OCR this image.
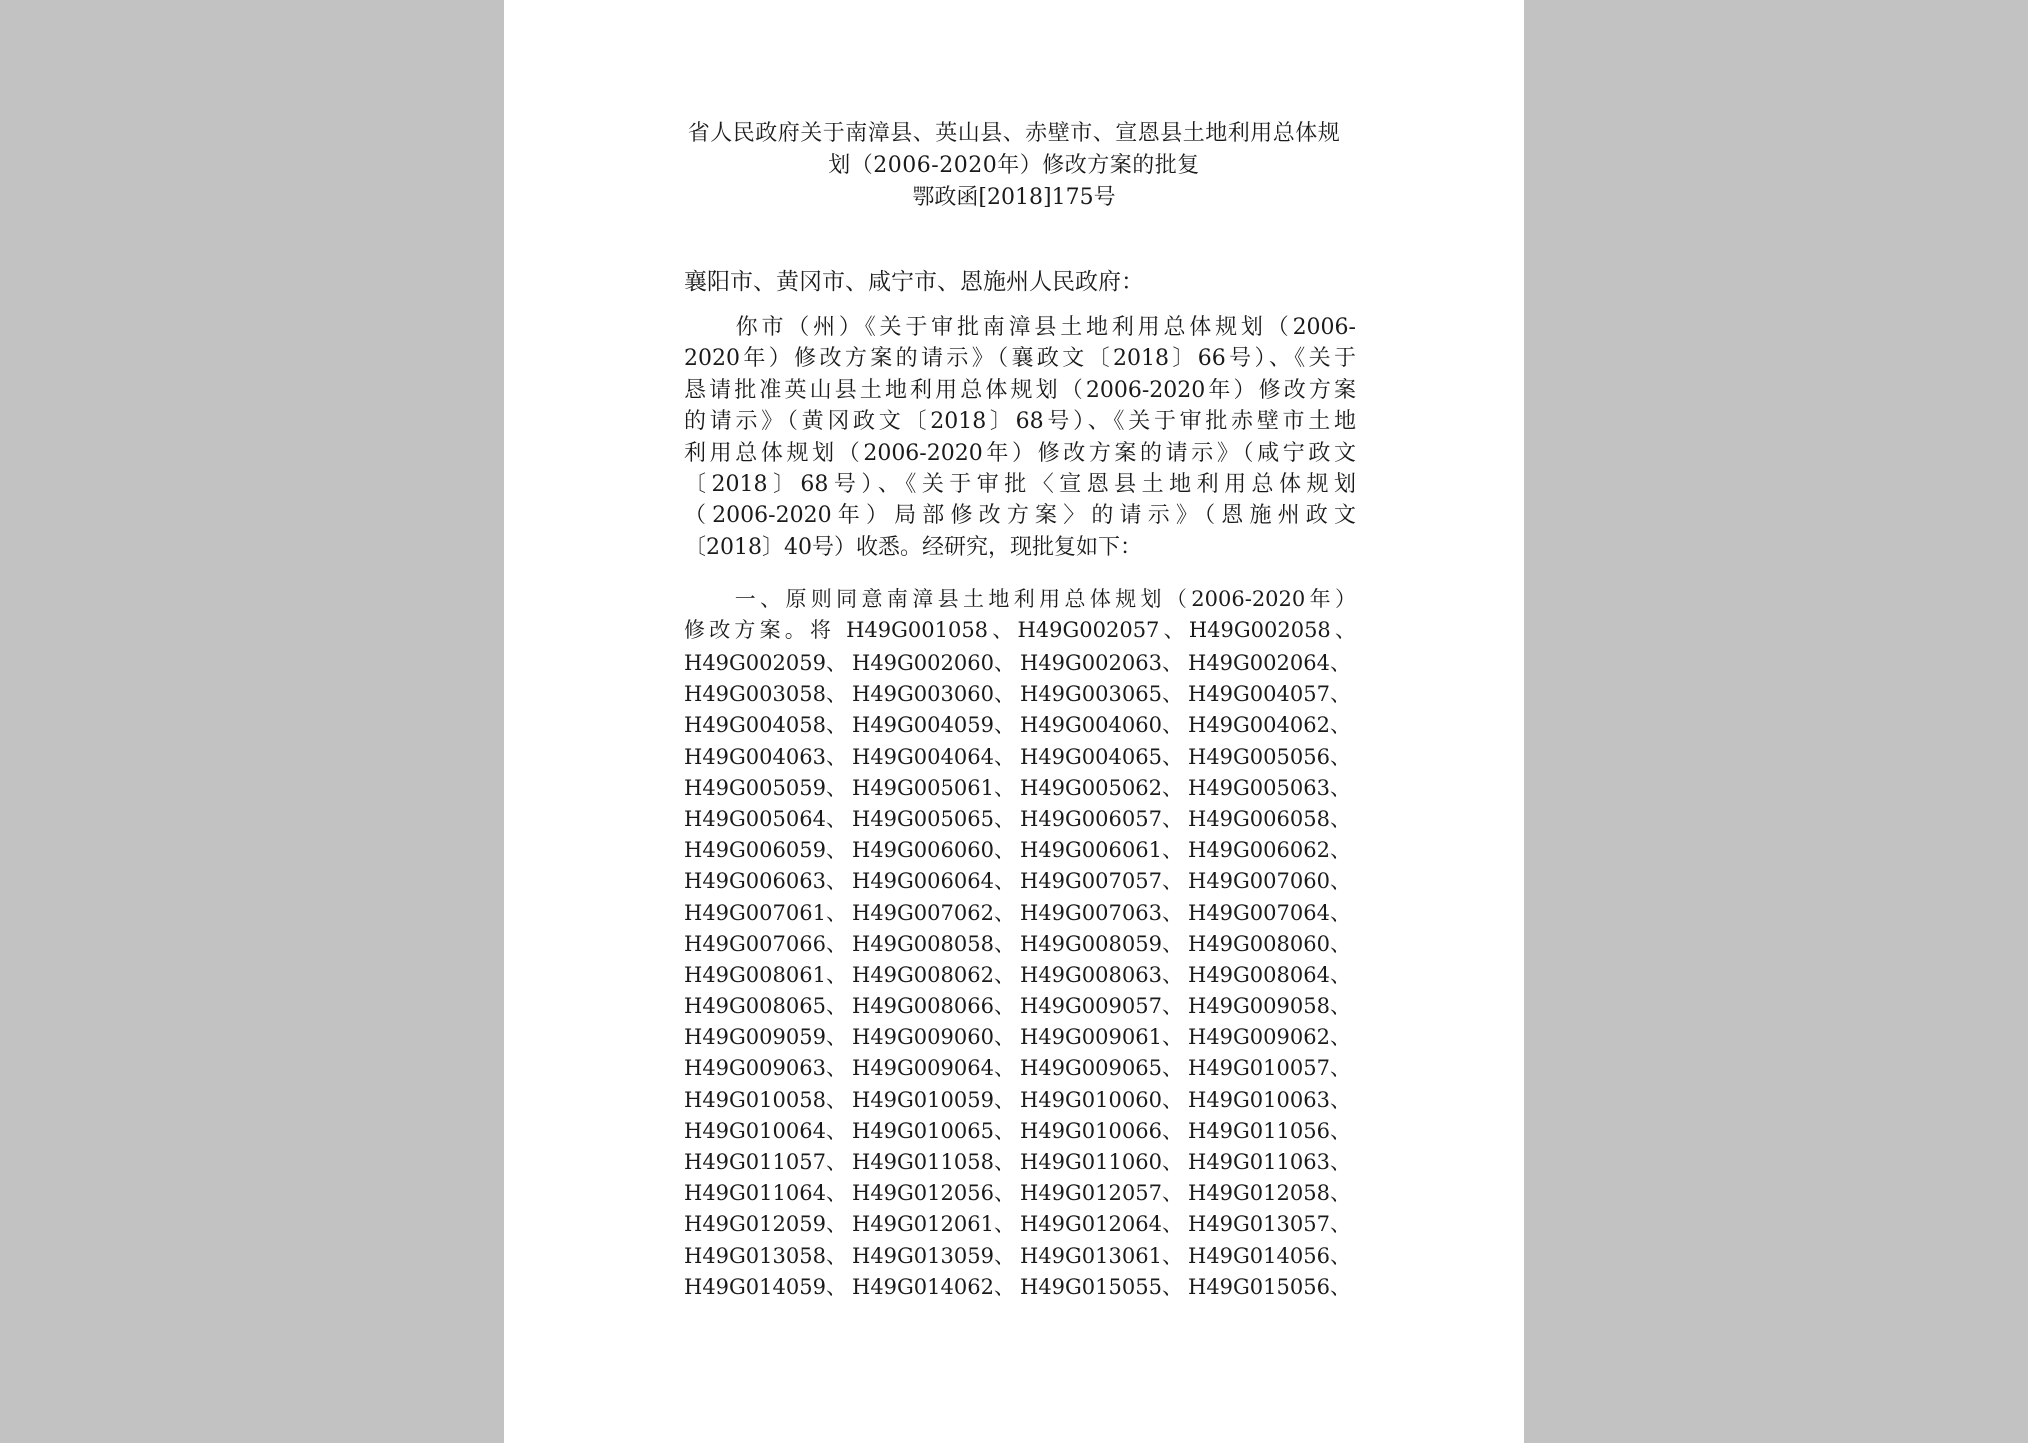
省人民政府关于南漳县、英山县、赤壁市、宣恩县土地利用总体规
划（2006-2020年）修改方案的批复
鄂政函[2018]175号
襄阳市、黄冈市、咸宁市、恩施州人民政府：
　　你市（州）《关于审批南漳县土地利用总体规划（2006-
2020年）修改方案的请示》（襄政文〔2018〕66号）、《关于
恳请批准英山县土地利用总体规划（2006-2020年）修改方案
的请示》（黄冈政文〔2018〕68号）、《关于审批赤壁市土地
利用总体规划（2006-2020年）修改方案的请示》（咸宁政文
〔2018〕68号）、《关于审批〈宣恩县土地利用总体规划
（2006-2020年）局部修改方案〉的请示》（恩施州政文
〔2018〕40号）收悉。经研究，现批复如下：
　　一、原则同意南漳县土地利用总体规划（2006-2020年）
修改方案。将 H49G001058、H49G002057、H49G002058、
H49G002059 、 H49G002060 、 H49G002063 、 H49G002064 、
H49G003058 、 H49G003060 、 H49G003065 、 H49G004057 、
H49G004058 、 H49G004059 、 H49G004060 、 H49G004062 、
H49G004063 、 H49G004064 、 H49G004065 、 H49G005056 、
H49G005059 、 H49G005061 、 H49G005062 、 H49G005063 、
H49G005064 、 H49G005065 、 H49G006057 、 H49G006058 、
H49G006059 、 H49G006060 、 H49G006061 、 H49G006062 、
H49G006063 、 H49G006064 、 H49G007057 、 H49G007060 、
H49G007061 、 H49G007062 、 H49G007063 、 H49G007064 、
H49G007066 、 H49G008058 、 H49G008059 、 H49G008060 、
H49G008061 、 H49G008062 、 H49G008063 、 H49G008064 、
H49G008065 、 H49G008066 、 H49G009057 、 H49G009058 、
H49G009059 、 H49G009060 、 H49G009061 、 H49G009062 、
H49G009063 、 H49G009064 、 H49G009065 、 H49G010057 、
H49G010058 、 H49G010059 、 H49G010060 、 H49G010063 、
H49G010064 、 H49G010065 、 H49G010066 、 H49G011056 、
H49G011057 、 H49G011058 、 H49G011060 、 H49G011063 、
H49G011064 、 H49G012056 、 H49G012057 、 H49G012058 、
H49G012059 、 H49G012061 、 H49G012064 、 H49G013057 、
H49G013058 、 H49G013059 、 H49G013061 、 H49G014056 、
H49G014059 、 H49G014062 、 H49G015055 、 H49G015056 、
